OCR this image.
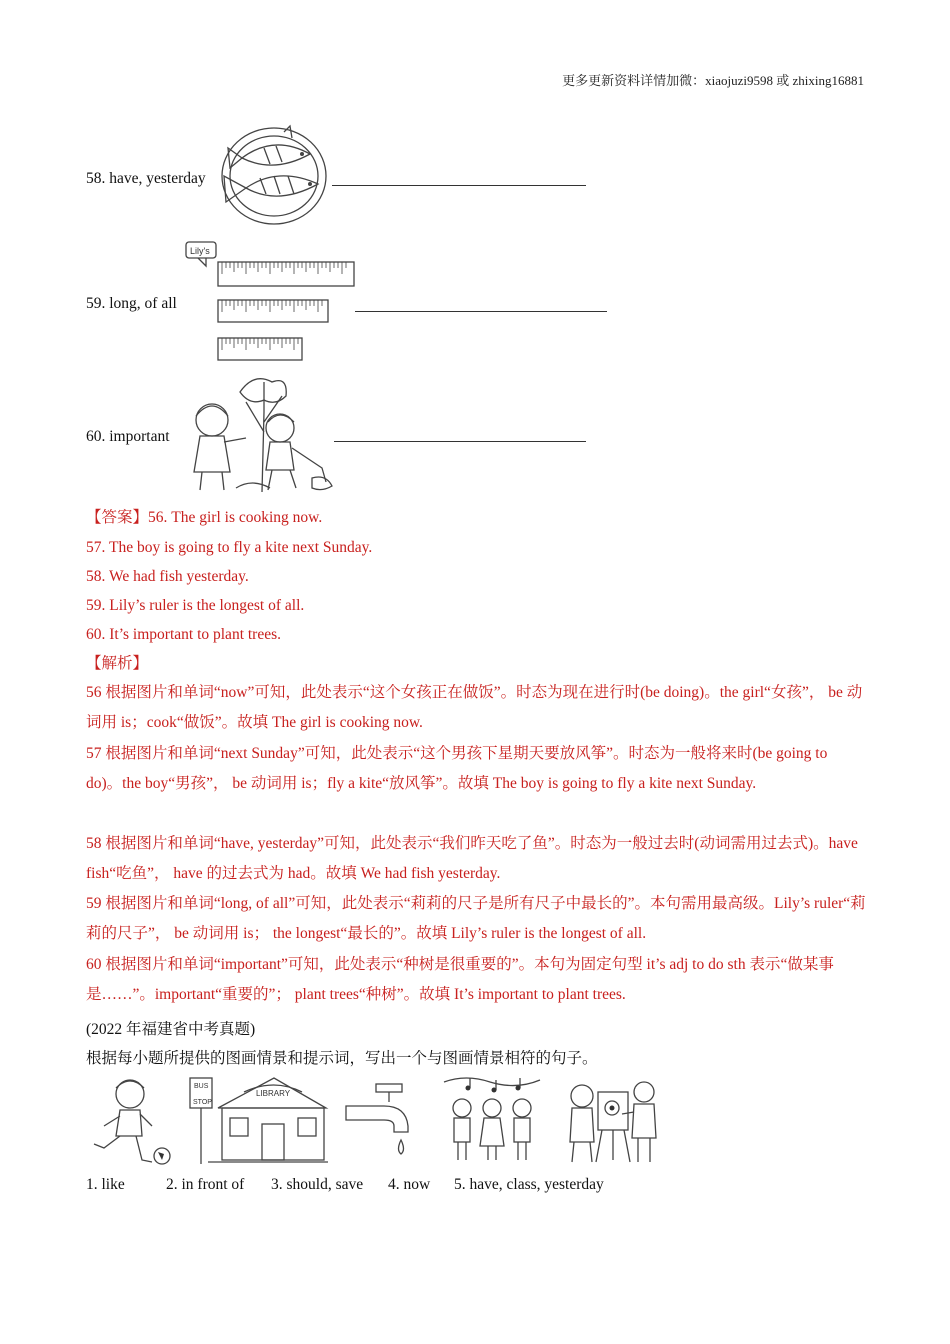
更多更新资料详情加微：xiaojuzi9598 或 zhixing16881
58. have, yesterday
59. long, of all
Lily's
60. important
【答案】56. The girl is cooking now.
57. The boy is going to fly a kite next Sunday.
58. We had fish yesterday.
59. Lily’s ruler is the longest of all.
60. It’s important to plant trees.
【解析】
56 根据图片和单词“now”可知，此处表示“这个女孩正在做饭”。时态为现在进行时(be doing)。the girl“女孩”， be 动词用 is；cook“做饭”。故填 The girl is cooking now.
57 根据图片和单词“next Sunday”可知，此处表示“这个男孩下星期天要放风筝”。时态为一般将来时(be going to do)。the boy“男孩”， be 动词用 is；fly a kite“放风筝”。故填 The boy is going to fly a kite next Sunday.
58 根据图片和单词“have, yesterday”可知，此处表示“我们昨天吃了鱼”。时态为一般过去时(动词需用过去式)。have fish“吃鱼”， have 的过去式为 had。故填 We had fish yesterday.
59 根据图片和单词“long, of all”可知，此处表示“莉莉的尺子是所有尺子中最长的”。本句需用最高级。Lily’s ruler“莉莉的尺子”， be 动词用 is； the longest“最长的”。故填 Lily’s ruler is the longest of all.
60 根据图片和单词“important”可知，此处表示“种树是很重要的”。本句为固定句型 it’s adj to do sth 表示“做某事是……”。important“重要的”； plant trees“种树”。故填 It’s important to plant trees.
(2022 年福建省中考真题)
根据每小题所提供的图画情景和提示词，写出一个与图画情景相符的句子。
BUS
STOP
LIBRARY
1. like	2. in front of 3. should, save 4. now 5. have, class, yesterday
